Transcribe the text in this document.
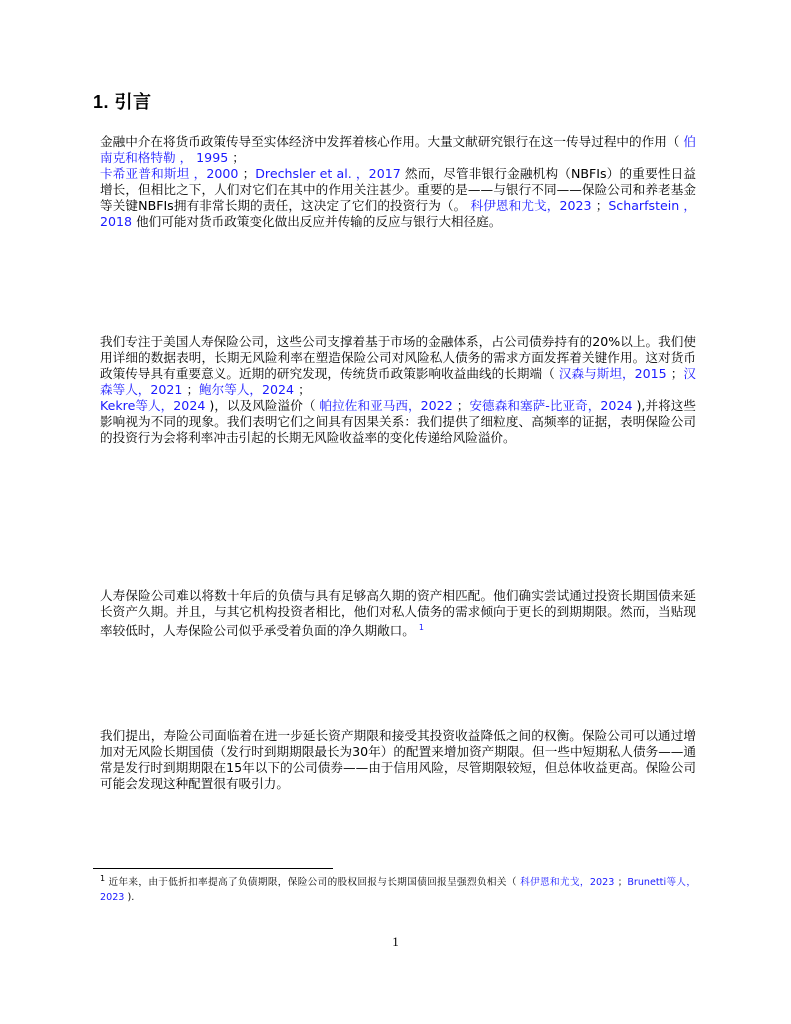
1. 引言

金融中介在将货币政策传导至实体经济中发挥着核心作用。大量文献研究银行在这一传导过程中的作用（ 伯南克和格特勒 ， 1995 ；
卡希亚普和斯坦 ，2000 ；Drechsler et al. ，2017 然而，尽管非银行金融机构（NBFIs）的重要性日益增长，但相比之下，人们对它们在其中的作用关注甚少。重要的是——与银行不同——保险公司和养老基金等关键NBFIs拥有非常长期的责任，这决定了它们的投资行为（。 科伊恩和尤戈，2023 ；Scharfstein ，2018 他们可能对货币政策变化做出反应并传输的反应与银行大相径庭。

我们专注于美国人寿保险公司，这些公司支撑着基于市场的金融体系，占公司债券持有的20%以上。我们使用详细的数据表明，长期无风险利率在塑造保险公司对风险私人债务的需求方面发挥着关键作用。这对货币政策传导具有重要意义。近期的研究发现，传统货币政策影响收益曲线的长期端（ 汉森与斯坦，2015 ；汉森等人，2021 ；鲍尔等人，2024 ；
Kekre等人，2024 )，以及风险溢价（ 帕拉佐和亚马西，2022 ；安德森和塞萨-比亚奇，2024 ),并将这些影响视为不同的现象。我们表明它们之间具有因果关系：我们提供了细粒度、高频率的证据，表明保险公司的投资行为会将利率冲击引起的长期无风险收益率的变化传递给风险溢价。

人寿保险公司难以将数十年后的负债与具有足够高久期的资产相匹配。他们确实尝试通过投资长期国债来延长资产久期。并且，与其它机构投资者相比，他们对私人债务的需求倾向于更长的到期期限。然而，当贴现率较低时，人寿保险公司似乎承受着负面的净久期敞口。 $^1$

我们提出，寿险公司面临着在进一步延长资产期限和接受其投资收益降低之间的权衡。保险公司可以通过增加对无风险长期国债（发行时到期期限最长为30年）的配置来增加资产期限。但一些中短期私人债务——通常是发行时到期期限在15年以下的公司债券——由于信用风险，尽管期限较短，但总体收益更高。保险公司可能会发现这种配置很有吸引力。

$^1$ 近年来，由于低折扣率提高了负债期限，保险公司的股权回报与长期国债回报呈强烈负相关（ 科伊恩和尤戈，2023 ；Brunetti等人，2023 ).

1
